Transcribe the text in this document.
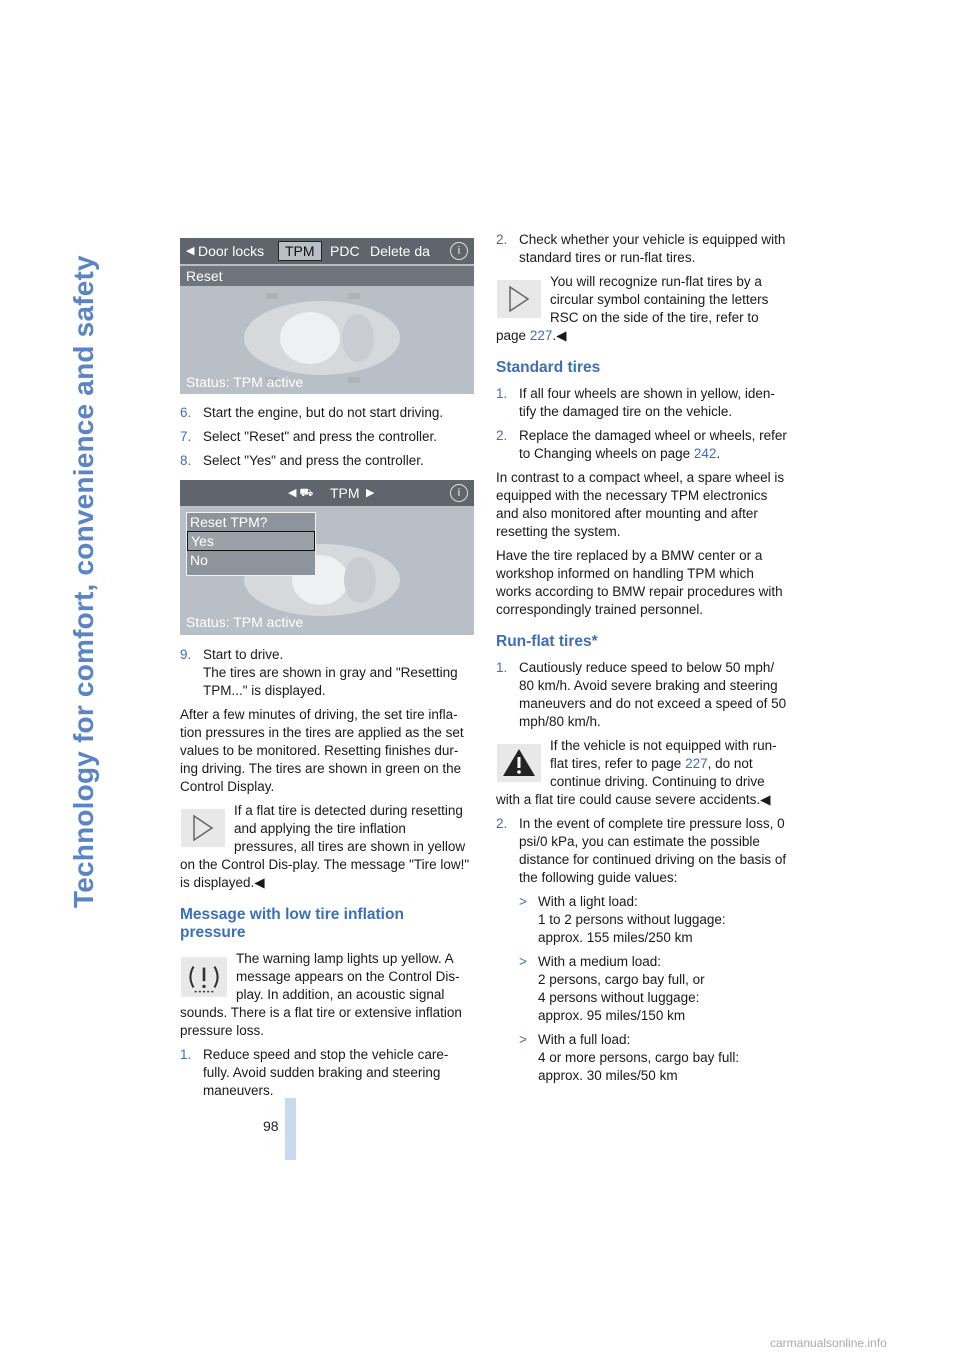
Technology for comfort, convenience and safety
◀ Door locks	TPM	PDC Delete da	i
Reset
Status: TPM active
◀ ⛟ TPM ▶	i
Reset TPM?
Yes
No
Status: TPM active
6. Start the engine, but do not start driving.
7. Select "Reset" and press the controller.
8. Select "Yes" and press the controller.
9. Start to drive.
The tires are shown in gray and "Resetting TPM..." is displayed.

After a few minutes of driving, the set tire infla-tion pressures in the tires are applied as the set values to be monitored. Resetting finishes dur-ing driving. The tires are shown in green on the Control Display.

If a flat tire is detected during resetting and applying the tire inflation pressures, all tires are shown in yellow on the Control Dis-play. The message "Tire low!" is displayed.◀
Message with low tire inflation pressure
The warning lamp lights up yellow. A message appears on the Control Dis-play. In addition, an acoustic signal sounds. There is a flat tire or extensive inflation pressure loss.
1. Reduce speed and stop the vehicle care-fully. Avoid sudden braking and steering maneuvers.
2. Check whether your vehicle is equipped with standard tires or run-flat tires.
You will recognize run-flat tires by a circular symbol containing the letters RSC on the side of the tire, refer to page 227.◀
Standard tires
1. If all four wheels are shown in yellow, iden-tify the damaged tire on the vehicle.
2. Replace the damaged wheel or wheels, refer to Changing wheels on page 242.

In contrast to a compact wheel, a spare wheel is equipped with the necessary TPM electronics and also monitored after mounting and after resetting the system.

Have the tire replaced by a BMW center or a workshop informed on handling TPM which works according to BMW repair procedures with correspondingly trained personnel.

Run-flat tires*
1. Cautiously reduce speed to below 50 mph/ 80 km/h. Avoid severe braking and steering maneuvers and do not exceed a speed of 50 mph/80 km/h.
If the vehicle is not equipped with run-flat tires, refer to page 227, do not continue driving. Continuing to drive with a flat tire could cause severe accidents.◀
2. In the event of complete tire pressure loss, 0 psi/0 kPa, you can estimate the possible distance for continued driving on the basis of the following guide values:
> With a light load:
1 to 2 persons without luggage:
approx. 155 miles/250 km
> With a medium load:
2 persons, cargo bay full, or
4 persons without luggage:
approx. 95 miles/150 km
> With a full load:
4 or more persons, cargo bay full:
approx. 30 miles/50 km
98
carmanualsonline.info
